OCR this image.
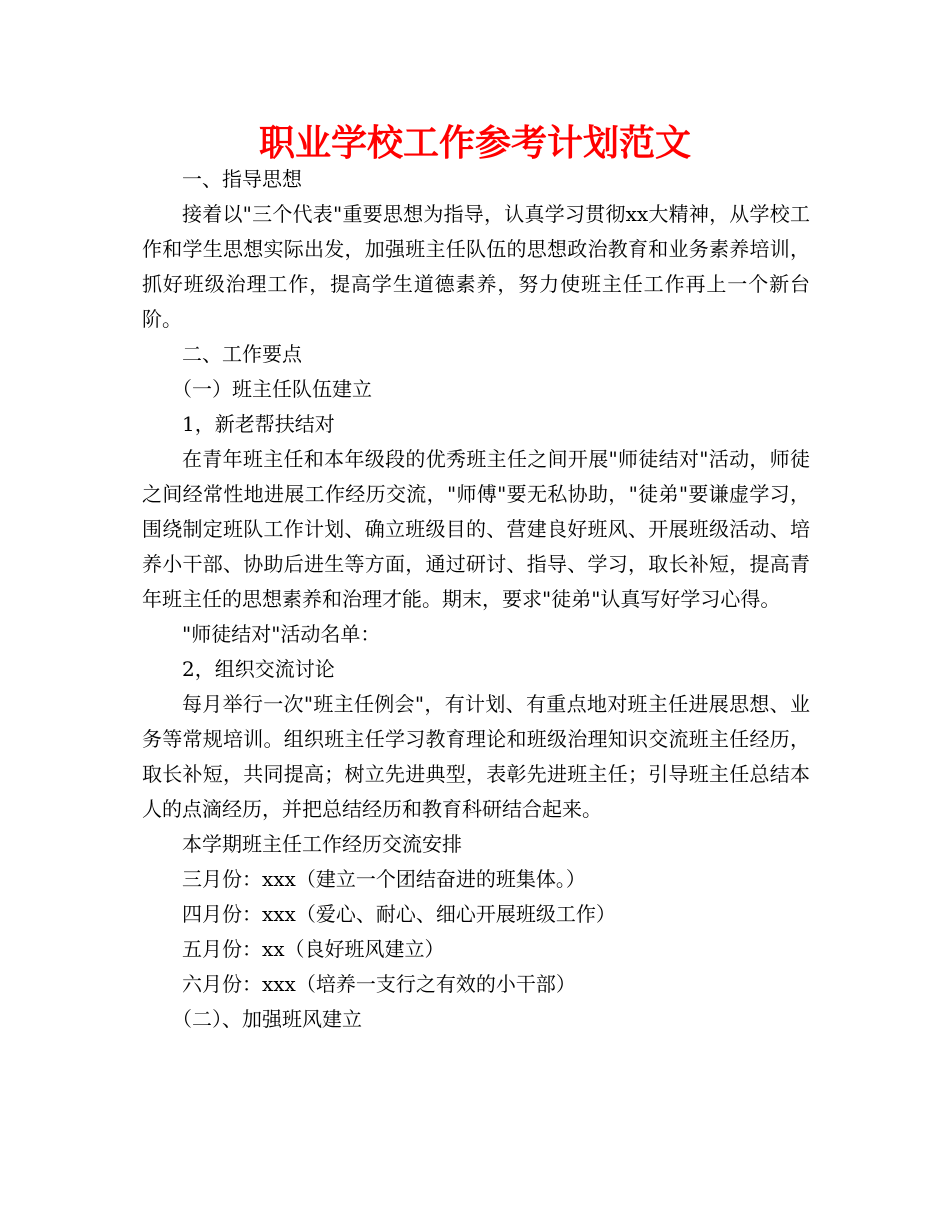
职业学校工作参考计划范文

一、指导思想

接着以"三个代表"重要思想为指导，认真学习贯彻xx大精神，从学校工作和学生思想实际出发，加强班主任队伍的思想政治教育和业务素养培训，抓好班级治理工作，提高学生道德素养，努力使班主任工作再上一个新台阶。

二、工作要点

（一）班主任队伍建立

1，新老帮扶结对

在青年班主任和本年级段的优秀班主任之间开展"师徒结对"活动，师徒之间经常性地进展工作经历交流，"师傅"要无私协助，"徒弟"要谦虚学习，围绕制定班队工作计划、确立班级目的、营建良好班风、开展班级活动、培养小干部、协助后进生等方面，通过研讨、指导、学习，取长补短，提高青年班主任的思想素养和治理才能。期末，要求"徒弟"认真写好学习心得。

"师徒结对"活动名单：

2，组织交流讨论

每月举行一次"班主任例会"，有计划、有重点地对班主任进展思想、业务等常规培训。组织班主任学习教育理论和班级治理知识交流班主任经历，取长补短，共同提高；树立先进典型，表彰先进班主任；引导班主任总结本人的点滴经历，并把总结经历和教育科研结合起来。

本学期班主任工作经历交流安排

三月份：xxx（建立一个团结奋进的班集体。）

四月份：xxx（爱心、耐心、细心开展班级工作）

五月份：xx（良好班风建立）

六月份：xxx（培养一支行之有效的小干部）

（二）、加强班风建立
